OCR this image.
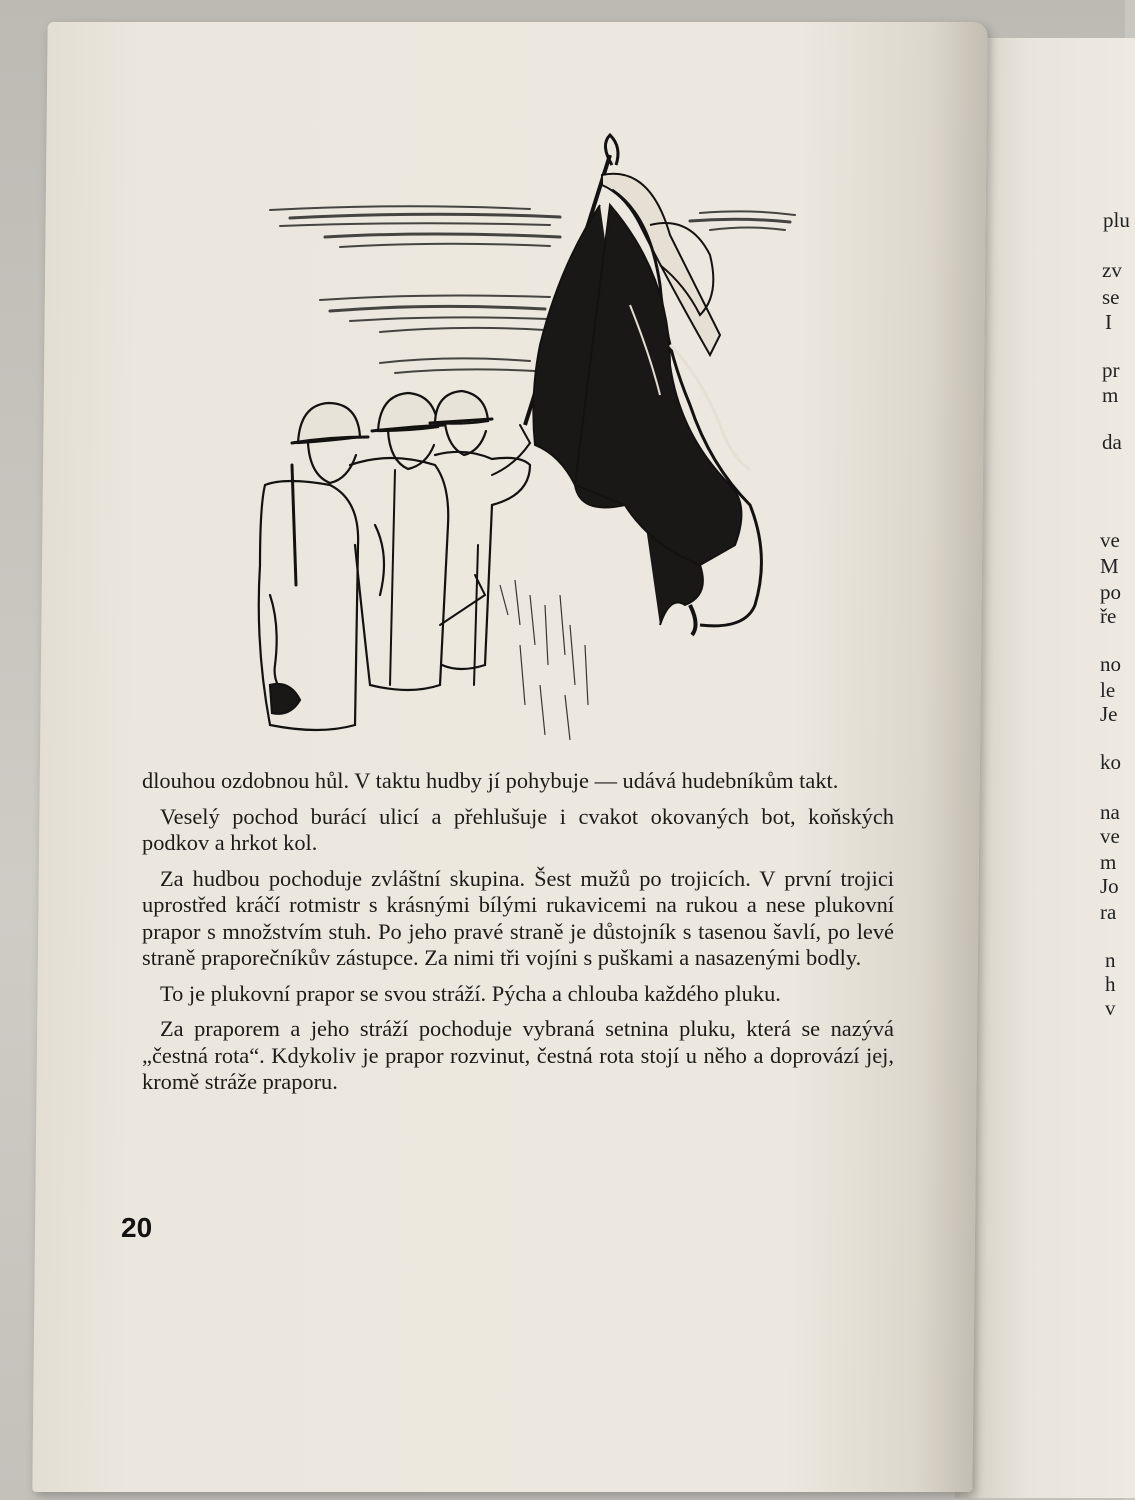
plu
zv
se
I
pr
m
da
ve
M
po
ře
no
le
Je
ko
na
ve
m
Jo
ra
n
h
v

dlouhou ozdobnou hůl. V taktu hudby jí pohybuje — udává hudebníkům takt.

Veselý pochod burácí ulicí a přehlušuje i cvakot okovaných bot, koňských podkov a hrkot kol.

Za hudbou pochoduje zvláštní skupina. Šest mužů po trojicích. V první trojici uprostřed kráčí rotmistr s krásnými bílými rukavicemi na rukou a nese plukovní prapor s množstvím stuh. Po jeho pravé straně je důstojník s tasenou šavlí, po levé straně praporečníkův zástupce. Za nimi tři vojíni s puškami a nasazenými bodly.

To je plukovní prapor se svou stráží. Pýcha a chlouba každého pluku.

Za praporem a jeho stráží pochoduje vybraná setnina pluku, která se nazývá „čestná rota“. Kdykoliv je prapor rozvinut, čestná rota stojí u něho a doprovází jej, kromě stráže praporu.

20
